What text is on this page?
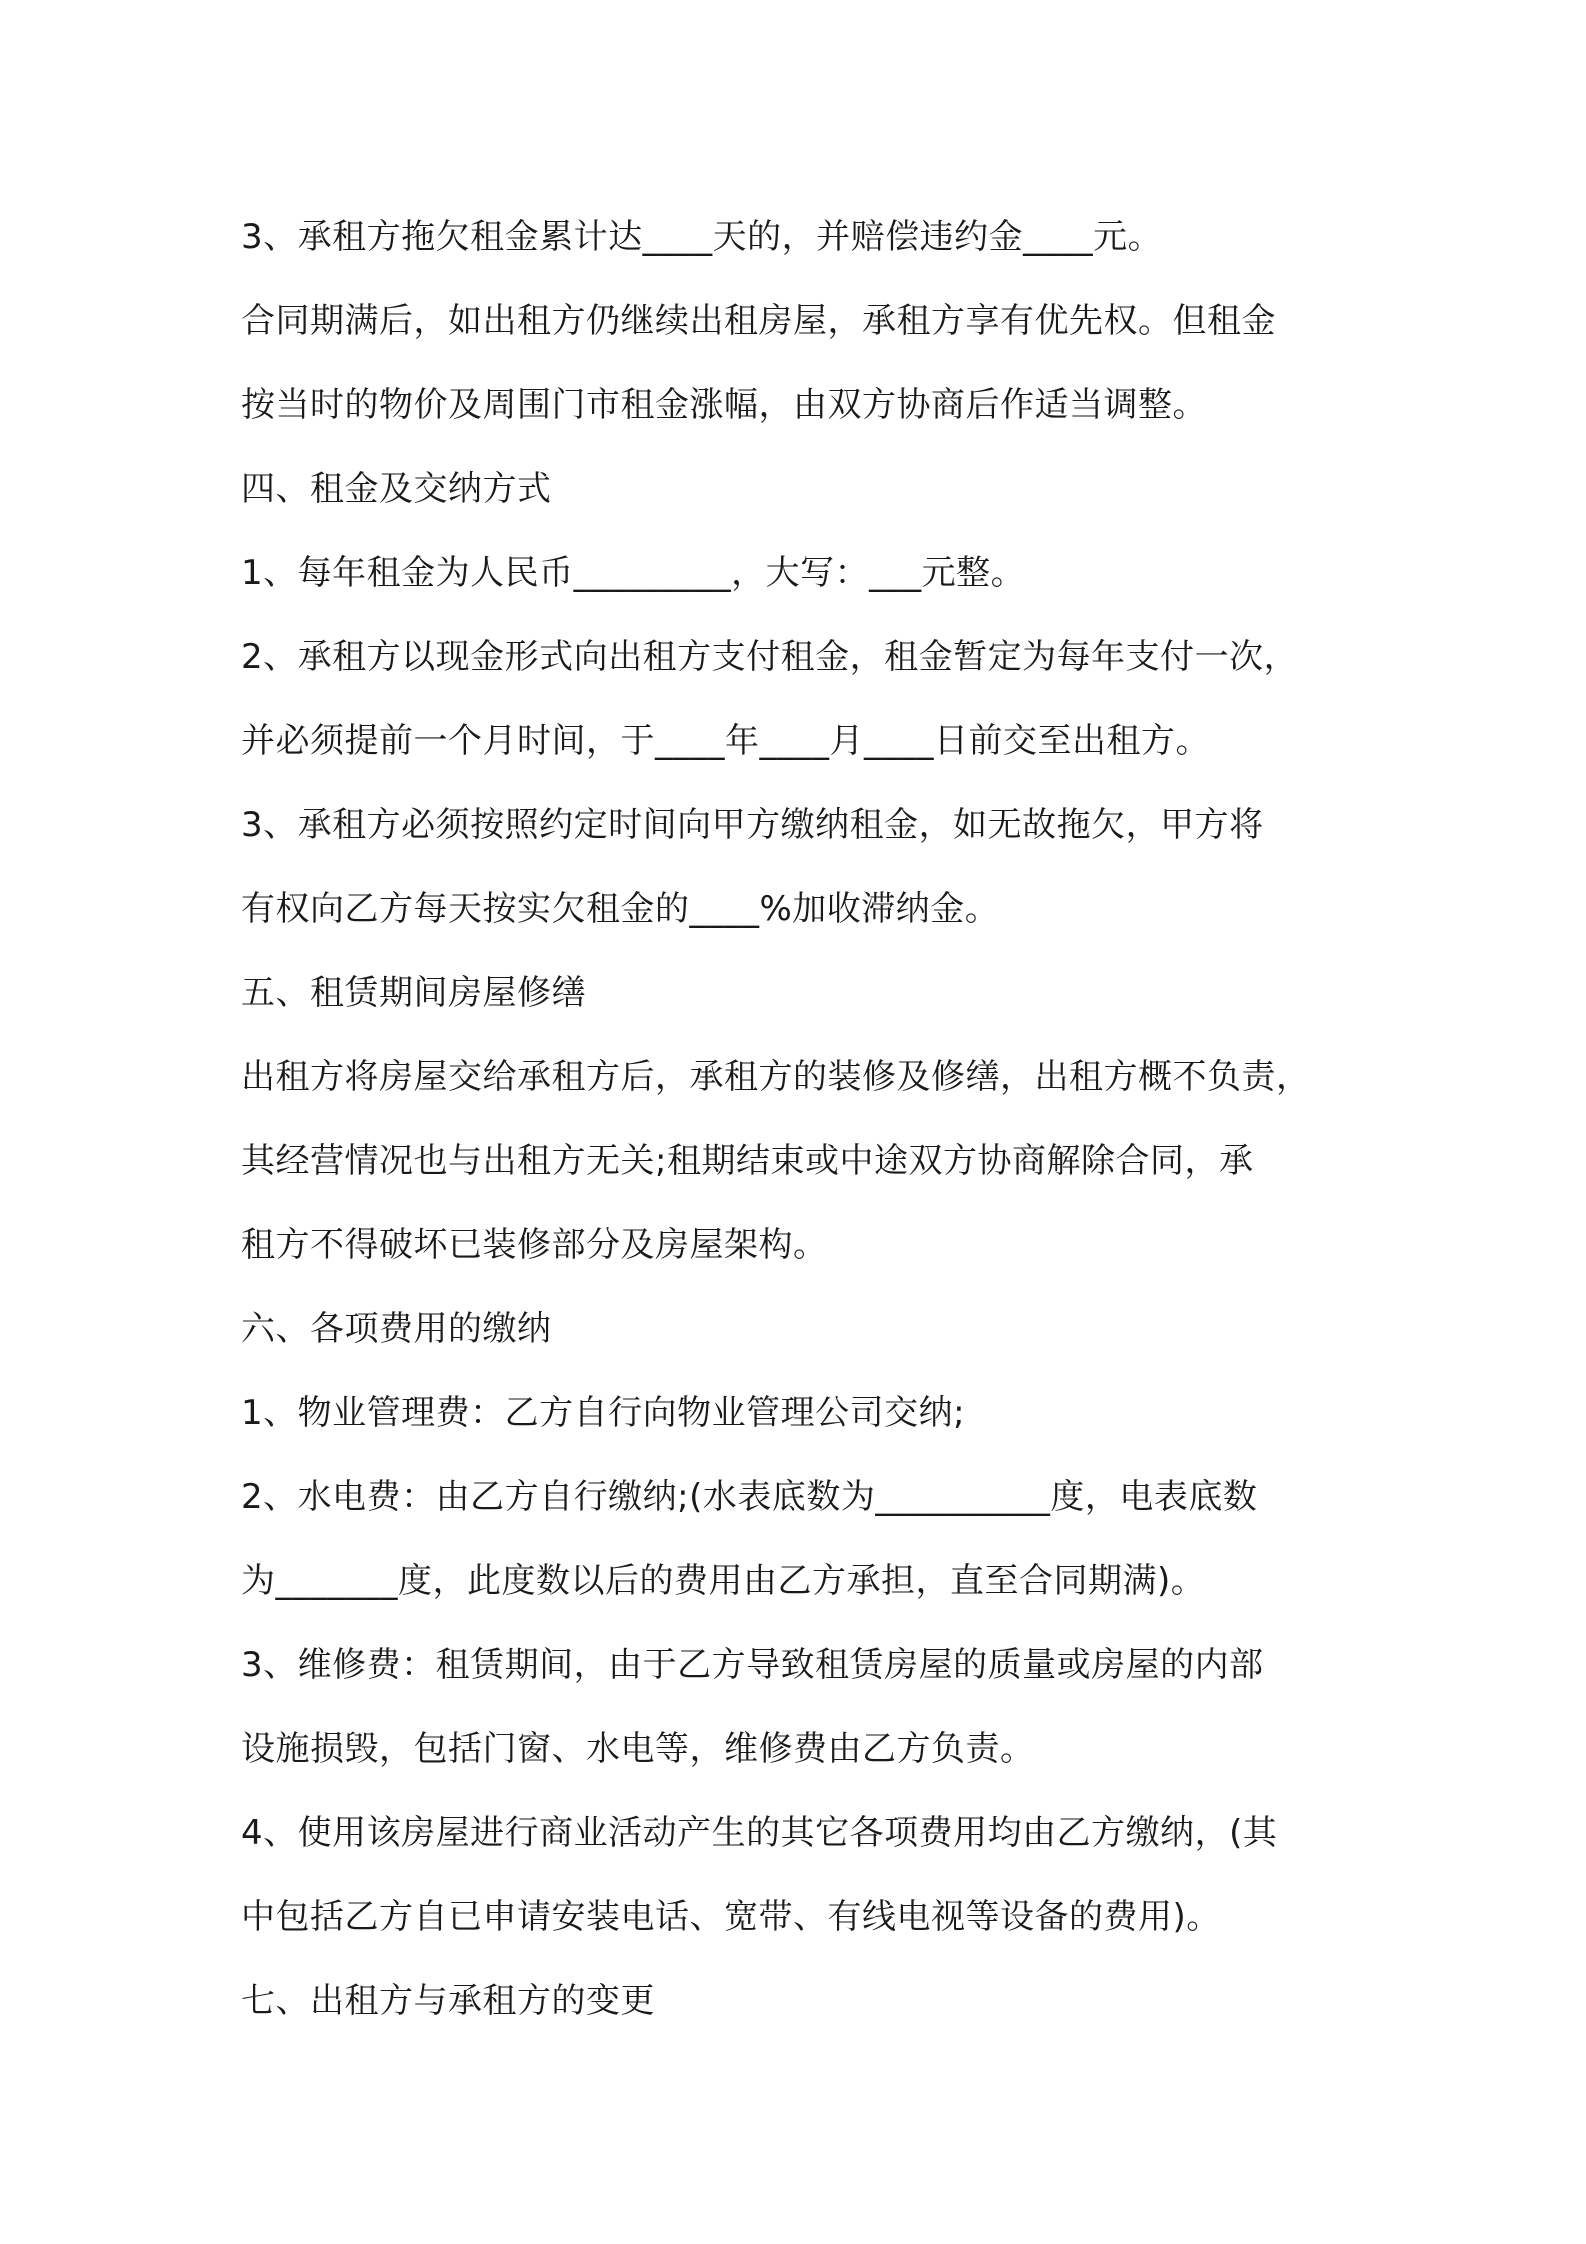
3、承租方拖欠租金累计达____天的，并赔偿违约金____元。
合同期满后，如出租方仍继续出租房屋，承租方享有优先权。但租金
按当时的物价及周围门市租金涨幅，由双方协商后作适当调整。
四、租金及交纳方式
1、每年租金为人民币_________，大写：___元整。
2、承租方以现金形式向出租方支付租金，租金暂定为每年支付一次，
并必须提前一个月时间，于____年____月____日前交至出租方。
3、承租方必须按照约定时间向甲方缴纳租金，如无故拖欠，甲方将
有权向乙方每天按实欠租金的____%加收滞纳金。
五、租赁期间房屋修缮
出租方将房屋交给承租方后，承租方的装修及修缮，出租方概不负责，
其经营情况也与出租方无关;租期结束或中途双方协商解除合同，承
租方不得破坏已装修部分及房屋架构。
六、各项费用的缴纳
1、物业管理费：乙方自行向物业管理公司交纳;
2、水电费：由乙方自行缴纳;(水表底数为__________度，电表底数
为_______度，此度数以后的费用由乙方承担，直至合同期满)。
3、维修费：租赁期间，由于乙方导致租赁房屋的质量或房屋的内部
设施损毁，包括门窗、水电等，维修费由乙方负责。
4、使用该房屋进行商业活动产生的其它各项费用均由乙方缴纳，(其
中包括乙方自已申请安装电话、宽带、有线电视等设备的费用)。
七、出租方与承租方的变更
